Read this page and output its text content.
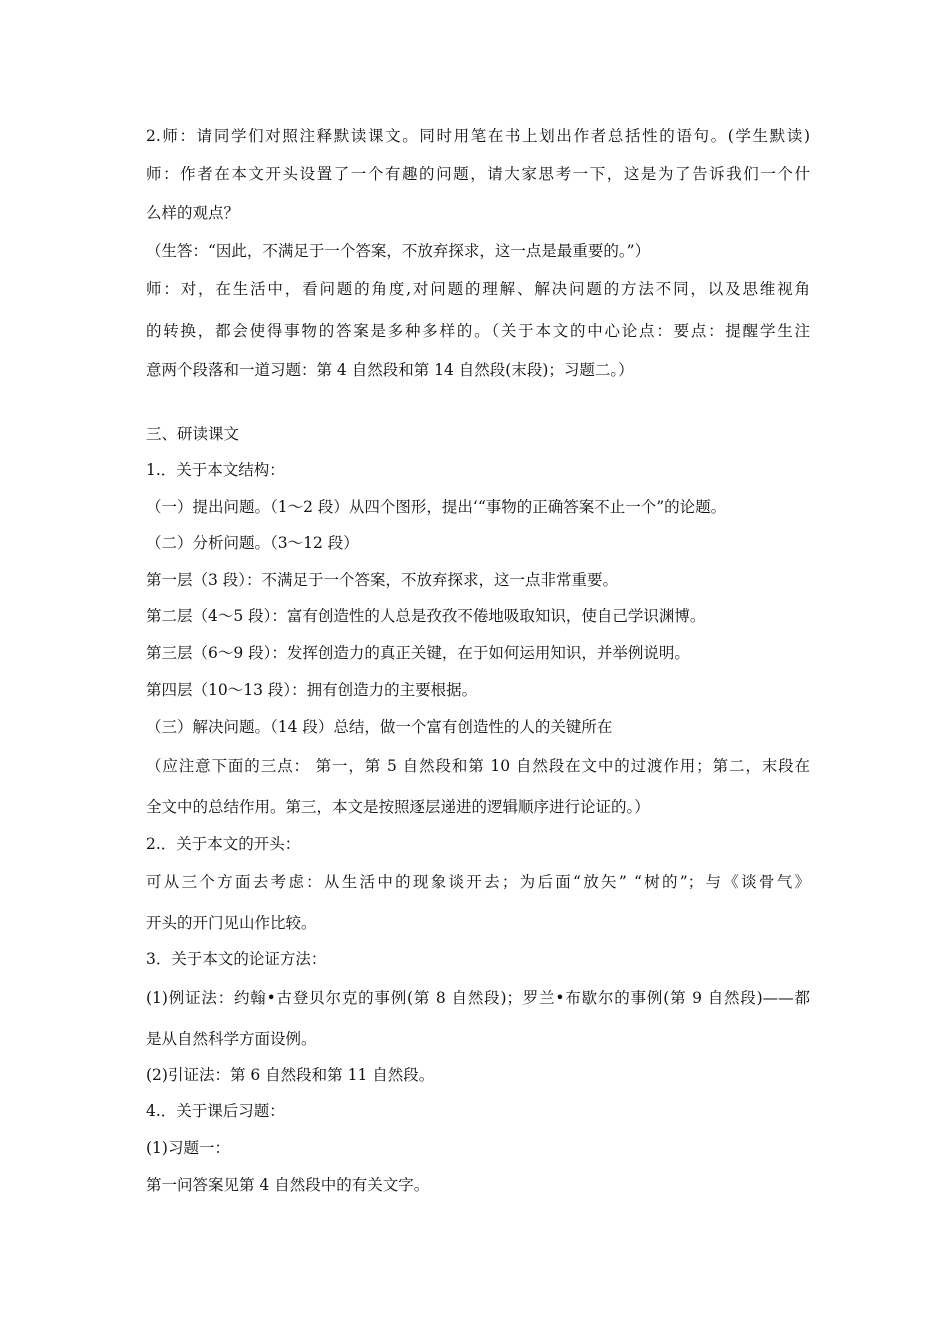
2.师：请同学们对照注释默读课文。同时用笔在书上划出作者总括性的语句。(学生默读)
师：作者在本文开头设置了一个有趣的问题，请大家思考一下，这是为了告诉我们一个什
么样的观点？
（生答：“因此，不满足于一个答案，不放弃探求，这一点是最重要的。”）
师：对，在生活中，看问题的角度,对问题的理解、解决问题的方法不同，以及思维视角
的转换，都会使得事物的答案是多种多样的。（关于本文的中心论点：要点：提醒学生注
意两个段落和一道习题：第 4 自然段和第 14 自然段(末段)；习题二。）
三、研读课文
1.．关于本文结构：
（一）提出问题。（1～2 段）从四个图形，提出‘“事物的正确答案不止一个”的论题。
（二）分析问题。（3～12 段）
第一层（3 段）：不满足于一个答案，不放弃探求，这一点非常重要。
第二层（4～5 段）：富有创造性的人总是孜孜不倦地吸取知识，使自己学识渊博。
第三层（6～9 段）：发挥创造力的真正关键，在于如何运用知识，并举例说明。
第四层（10～13 段）：拥有创造力的主要根据。
（三）解决问题。（14 段）总结，做一个富有创造性的人的关键所在
（应注意下面的三点： 第一，第 5 自然段和第 10 自然段在文中的过渡作用；第二，末段在
全文中的总结作用。第三，本文是按照逐层递进的逻辑顺序进行论证的。）
2.．关于本文的开头：
可从三个方面去考虑：从生活中的现象谈开去；为后面“放矢” “树的”；与《谈骨气》
开头的开门见山作比较。
3．关于本文的论证方法：
(1)例证法：约翰•古登贝尔克的事例(第 8 自然段)；罗兰•布歇尔的事例(第 9 自然段)——都
是从自然科学方面设例。
(2)引证法：第 6 自然段和第 11 自然段。
4.．关于课后习题：
(1)习题一：
第一问答案见第 4 自然段中的有关文字。
